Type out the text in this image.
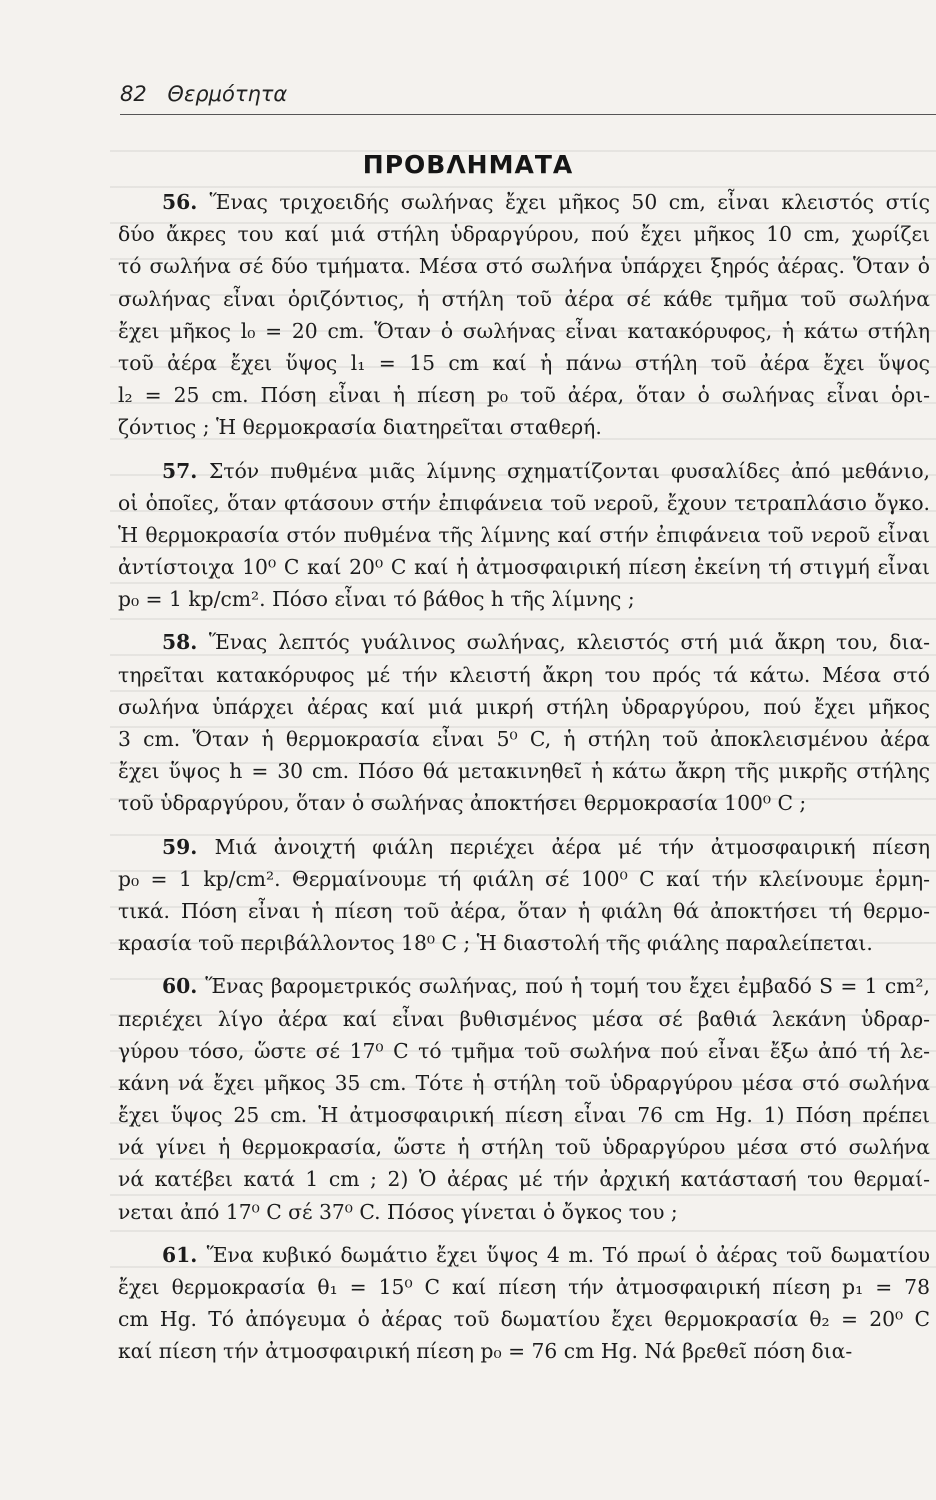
82 Θερμότητα
ΠΡΟΒΛΗΜΑΤΑ
56. Ἕνας τριχοειδής σωλήνας ἔχει μῆκος 50 cm, εἶναι κλειστός στίς
δύο ἄκρες του καί μιά στήλη ὑδραργύρου, πού ἔχει μῆκος 10 cm, χωρίζει
τό σωλήνα σέ δύο τμήματα. Μέσα στό σωλήνα ὑπάρχει ξηρός ἀέρας. Ὅταν ὁ
σωλήνας εἶναι ὁριζόντιος, ἡ στήλη τοῦ ἀέρα σέ κάθε τμῆμα τοῦ σωλήνα
ἔχει μῆκος l₀ = 20 cm. Ὅταν ὁ σωλήνας εἶναι κατακόρυφος, ἡ κάτω στήλη
τοῦ ἀέρα ἔχει ὕψος l₁ = 15 cm καί ἡ πάνω στήλη τοῦ ἀέρα ἔχει ὕψος
l₂ = 25 cm. Πόση εἶναι ἡ πίεση p₀ τοῦ ἀέρα, ὅταν ὁ σωλήνας εἶναι ὁρι-
ζόντιος ; Ἡ θερμοκρασία διατηρεῖται σταθερή.
57. Στόν πυθμένα μιᾶς λίμνης σχηματίζονται φυσαλίδες ἀπό μεθάνιο,
οἱ ὁποῖες, ὅταν φτάσουν στήν ἐπιφάνεια τοῦ νεροῦ, ἔχουν τετραπλάσιο ὄγκο.
Ἡ θερμοκρασία στόν πυθμένα τῆς λίμνης καί στήν ἐπιφάνεια τοῦ νεροῦ εἶναι
ἀντίστοιχα 10⁰ C καί 20⁰ C καί ἡ ἀτμοσφαιρική πίεση ἐκείνη τή στιγμή εἶναι
p₀ = 1 kp/cm². Πόσο εἶναι τό βάθος h τῆς λίμνης ;
58. Ἕνας λεπτός γυάλινος σωλήνας, κλειστός στή μιά ἄκρη του, δια-
τηρεῖται κατακόρυφος μέ τήν κλειστή ἄκρη του πρός τά κάτω. Μέσα στό
σωλήνα ὑπάρχει ἀέρας καί μιά μικρή στήλη ὑδραργύρου, πού ἔχει μῆκος
3 cm. Ὅταν ἡ θερμοκρασία εἶναι 5⁰ C, ἡ στήλη τοῦ ἀποκλεισμένου ἀέρα
ἔχει ὕψος h = 30 cm. Πόσο θά μετακινηθεῖ ἡ κάτω ἄκρη τῆς μικρῆς στήλης
τοῦ ὑδραργύρου, ὅταν ὁ σωλήνας ἀποκτήσει θερμοκρασία 100⁰ C ;
59. Μιά ἀνοιχτή φιάλη περιέχει ἀέρα μέ τήν ἀτμοσφαιρική πίεση
p₀ = 1 kp/cm². Θερμαίνουμε τή φιάλη σέ 100⁰ C καί τήν κλείνουμε ἑρμη-
τικά. Πόση εἶναι ἡ πίεση τοῦ ἀέρα, ὅταν ἡ φιάλη θά ἀποκτήσει τή θερμο-
κρασία τοῦ περιβάλλοντος 18⁰ C ; Ἡ διαστολή τῆς φιάλης παραλείπεται.
60. Ἕνας βαρομετρικός σωλήνας, πού ἡ τομή του ἔχει ἐμβαδό S = 1 cm²,
περιέχει λίγο ἀέρα καί εἶναι βυθισμένος μέσα σέ βαθιά λεκάνη ὑδραρ-
γύρου τόσο, ὥστε σέ 17⁰ C τό τμῆμα τοῦ σωλήνα πού εἶναι ἔξω ἀπό τή λε-
κάνη νά ἔχει μῆκος 35 cm. Τότε ἡ στήλη τοῦ ὑδραργύρου μέσα στό σωλήνα
ἔχει ὕψος 25 cm. Ἡ ἀτμοσφαιρική πίεση εἶναι 76 cm Hg. 1) Πόση πρέπει
νά γίνει ἡ θερμοκρασία, ὥστε ἡ στήλη τοῦ ὑδραργύρου μέσα στό σωλήνα
νά κατέβει κατά 1 cm ; 2) Ὁ ἀέρας μέ τήν ἀρχική κατάστασή του θερμαί-
νεται ἀπό 17⁰ C σέ 37⁰ C. Πόσος γίνεται ὁ ὄγκος του ;
61. Ἕνα κυβικό δωμάτιο ἔχει ὕψος 4 m. Τό πρωί ὁ ἀέρας τοῦ δωματίου
ἔχει θερμοκρασία θ₁ = 15⁰ C καί πίεση τήν ἀτμοσφαιρική πίεση p₁ = 78
cm Hg. Τό ἀπόγευμα ὁ ἀέρας τοῦ δωματίου ἔχει θερμοκρασία θ₂ = 20⁰ C
καί πίεση τήν ἀτμοσφαιρική πίεση p₀ = 76 cm Hg. Νά βρεθεῖ πόση δια-
